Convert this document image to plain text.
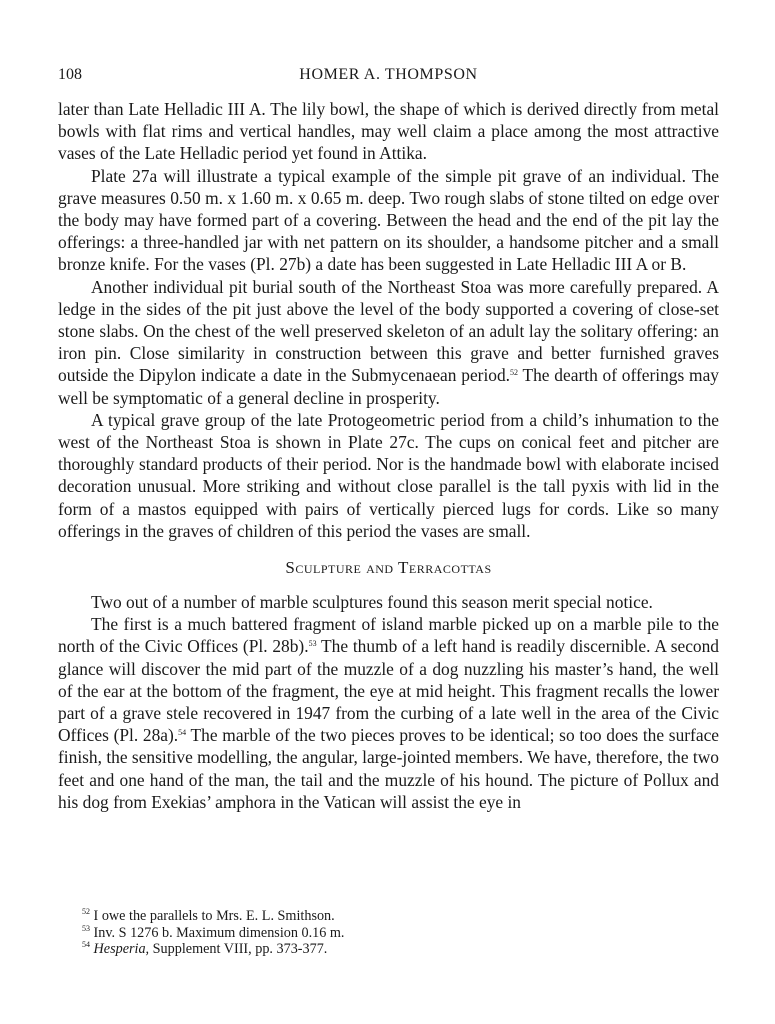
108	HOMER A. THOMPSON

later than Late Helladic III A. The lily bowl, the shape of which is derived directly from metal bowls with flat rims and vertical handles, may well claim a place among the most attractive vases of the Late Helladic period yet found in Attika.

Plate 27a will illustrate a typical example of the simple pit grave of an individual. The grave measures 0.50 m. x 1.60 m. x 0.65 m. deep. Two rough slabs of stone tilted on edge over the body may have formed part of a covering. Between the head and the end of the pit lay the offerings: a three-handled jar with net pattern on its shoulder, a handsome pitcher and a small bronze knife. For the vases (Pl. 27b) a date has been suggested in Late Helladic III A or B.

Another individual pit burial south of the Northeast Stoa was more carefully prepared. A ledge in the sides of the pit just above the level of the body supported a covering of close-set stone slabs. On the chest of the well preserved skeleton of an adult lay the solitary offering: an iron pin. Close similarity in construction between this grave and better furnished graves outside the Dipylon indicate a date in the Submycenaean period.$^{52}$ The dearth of offerings may well be symptomatic of a general decline in prosperity.

A typical grave group of the late Protogeometric period from a child’s inhumation to the west of the Northeast Stoa is shown in Plate 27c. The cups on conical feet and pitcher are thoroughly standard products of their period. Nor is the handmade bowl with elaborate incised decoration unusual. More striking and without close parallel is the tall pyxis with lid in the form of a mastos equipped with pairs of vertically pierced lugs for cords. Like so many offerings in the graves of children of this period the vases are small.

Sculpture and Terracottas

Two out of a number of marble sculptures found this season merit special notice.

The first is a much battered fragment of island marble picked up on a marble pile to the north of the Civic Offices (Pl. 28b).$^{53}$ The thumb of a left hand is readily discernible. A second glance will discover the mid part of the muzzle of a dog nuzzling his master’s hand, the well of the ear at the bottom of the fragment, the eye at mid height. This fragment recalls the lower part of a grave stele recovered in 1947 from the curbing of a late well in the area of the Civic Offices (Pl. 28a).$^{54}$ The marble of the two pieces proves to be identical; so too does the surface finish, the sensitive modelling, the angular, large-jointed members. We have, therefore, the two feet and one hand of the man, the tail and the muzzle of his hound. The picture of Pollux and his dog from Exekias’ amphora in the Vatican will assist the eye in

$^{52}$ I owe the parallels to Mrs. E. L. Smithson.
$^{53}$ Inv. S 1276 b. Maximum dimension 0.16 m.
$^{54}$ Hesperia, Supplement VIII, pp. 373-377.
